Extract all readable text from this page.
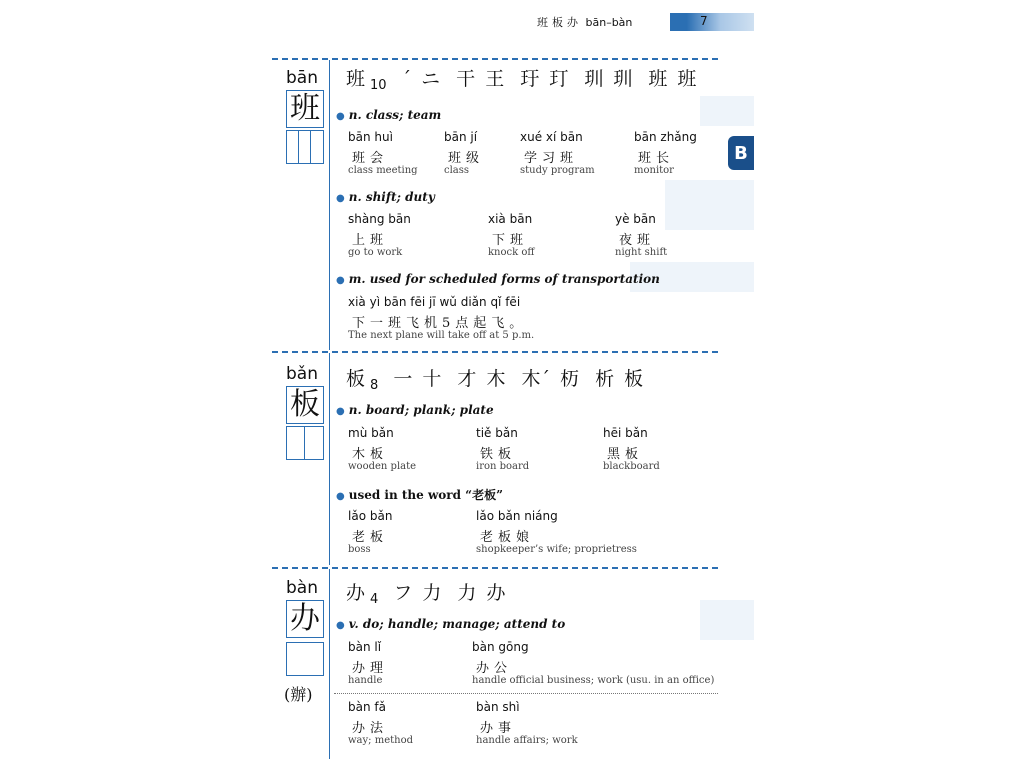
班板办 bān–bàn	7
B
bān
班
班 $_{10}$ ˊ ニ 干 王 玗 玎 玔 玔 班 班
● n. class; team
bān huì
班会
class meeting
bān jí
班级
class
xué xí bān
学习班
study program
bān zhǎng
班长
monitor
● n. shift; duty
shàng bān
上班
go to work
xià bān
下班
knock off
yè bān
夜班
night shift
● m. used for scheduled forms of transportation
xià yì bān fēi jī wǔ diǎn qǐ fēi
下一班飞机5点起飞。
The next plane will take off at 5 p.m.
bǎn
板
板 $_8$ 一 十 才 木 木ˊ 杤 析 板
● n. board; plank; plate
mù bǎn
木板
wooden plate
tiě bǎn
铁板
iron board
hēi bǎn
黑板
blackboard
● used in the word “老板”
lǎo bǎn
老板
boss
lǎo bǎn niáng
老板娘
shopkeeper’s wife; proprietress
bàn
办
(辦)
办 $_4$ フ 力 力 办
● v. do; handle; manage; attend to
bàn lǐ
办理
handle
bàn gōng
办公
handle official business; work (usu. in an office)
bàn fǎ
办法
way; method
bàn shì
办事
handle affairs; work
